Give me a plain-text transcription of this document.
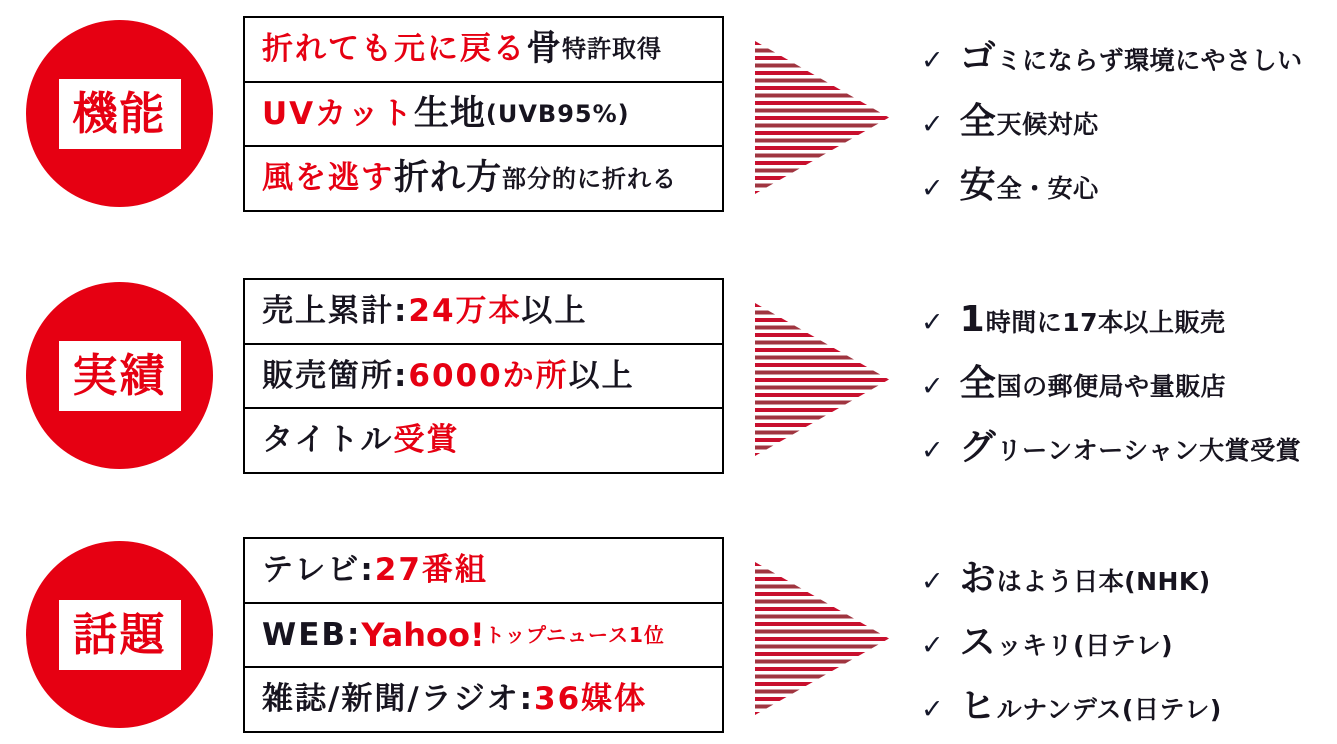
機能
折れても元に戻る 骨 特許取得
UVカット 生地 (UVB95%)
風を逃す 折れ方 部分的に折れる
✓ ゴミにならず環境にやさしい
✓ 全天候対応
✓ 安全・安心
実績
売上累計: 24万本 以上
販売箇所: 6000か所 以上
タイトル 受賞
✓ 1時間に17本以上販売
✓ 全国の郵便局や量販店
✓ グリーンオーシャン大賞受賞
話題
テレビ: 27番組
WEB: Yahoo! トップニュース1位
雑誌/新聞/ラジオ: 36媒体
✓ おはよう日本(NHK)
✓ スッキリ(日テレ)
✓ ヒルナンデス(日テレ)
